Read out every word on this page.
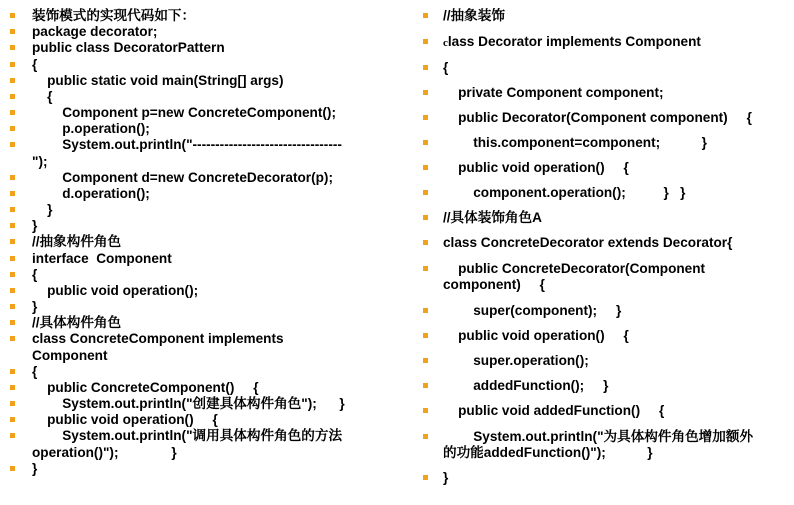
装饰模式的实现代码如下：
package decorator;
public class DecoratorPattern
{
public static void main(String[] args)
{
Component p=new ConcreteComponent();
p.operation();
System.out.println("---------------------------------
");
Component d=new ConcreteDecorator(p);
d.operation();
}
}
//抽象构件角色
interface  Component
{
public void operation();
}
//具体构件角色
class ConcreteComponent implements
Component
{
public ConcreteComponent()     {
System.out.println("创建具体构件角色");      }
public void operation()     {
System.out.println("调用具体构件角色的方法
operation()");              }
}
//抽象装饰
class Decorator implements Component
{
private Component component;
public Decorator(Component component)     {
this.component=component;           }
public void operation()     {
component.operation();          }   }
//具体装饰角色A
class ConcreteDecorator extends Decorator{
public ConcreteDecorator(Component
component)     {
super(component);     }
public void operation()     {
super.operation();
addedFunction();     }
public void addedFunction()     {
System.out.println("为具体构件角色增加额外
的功能addedFunction()");           }
}
